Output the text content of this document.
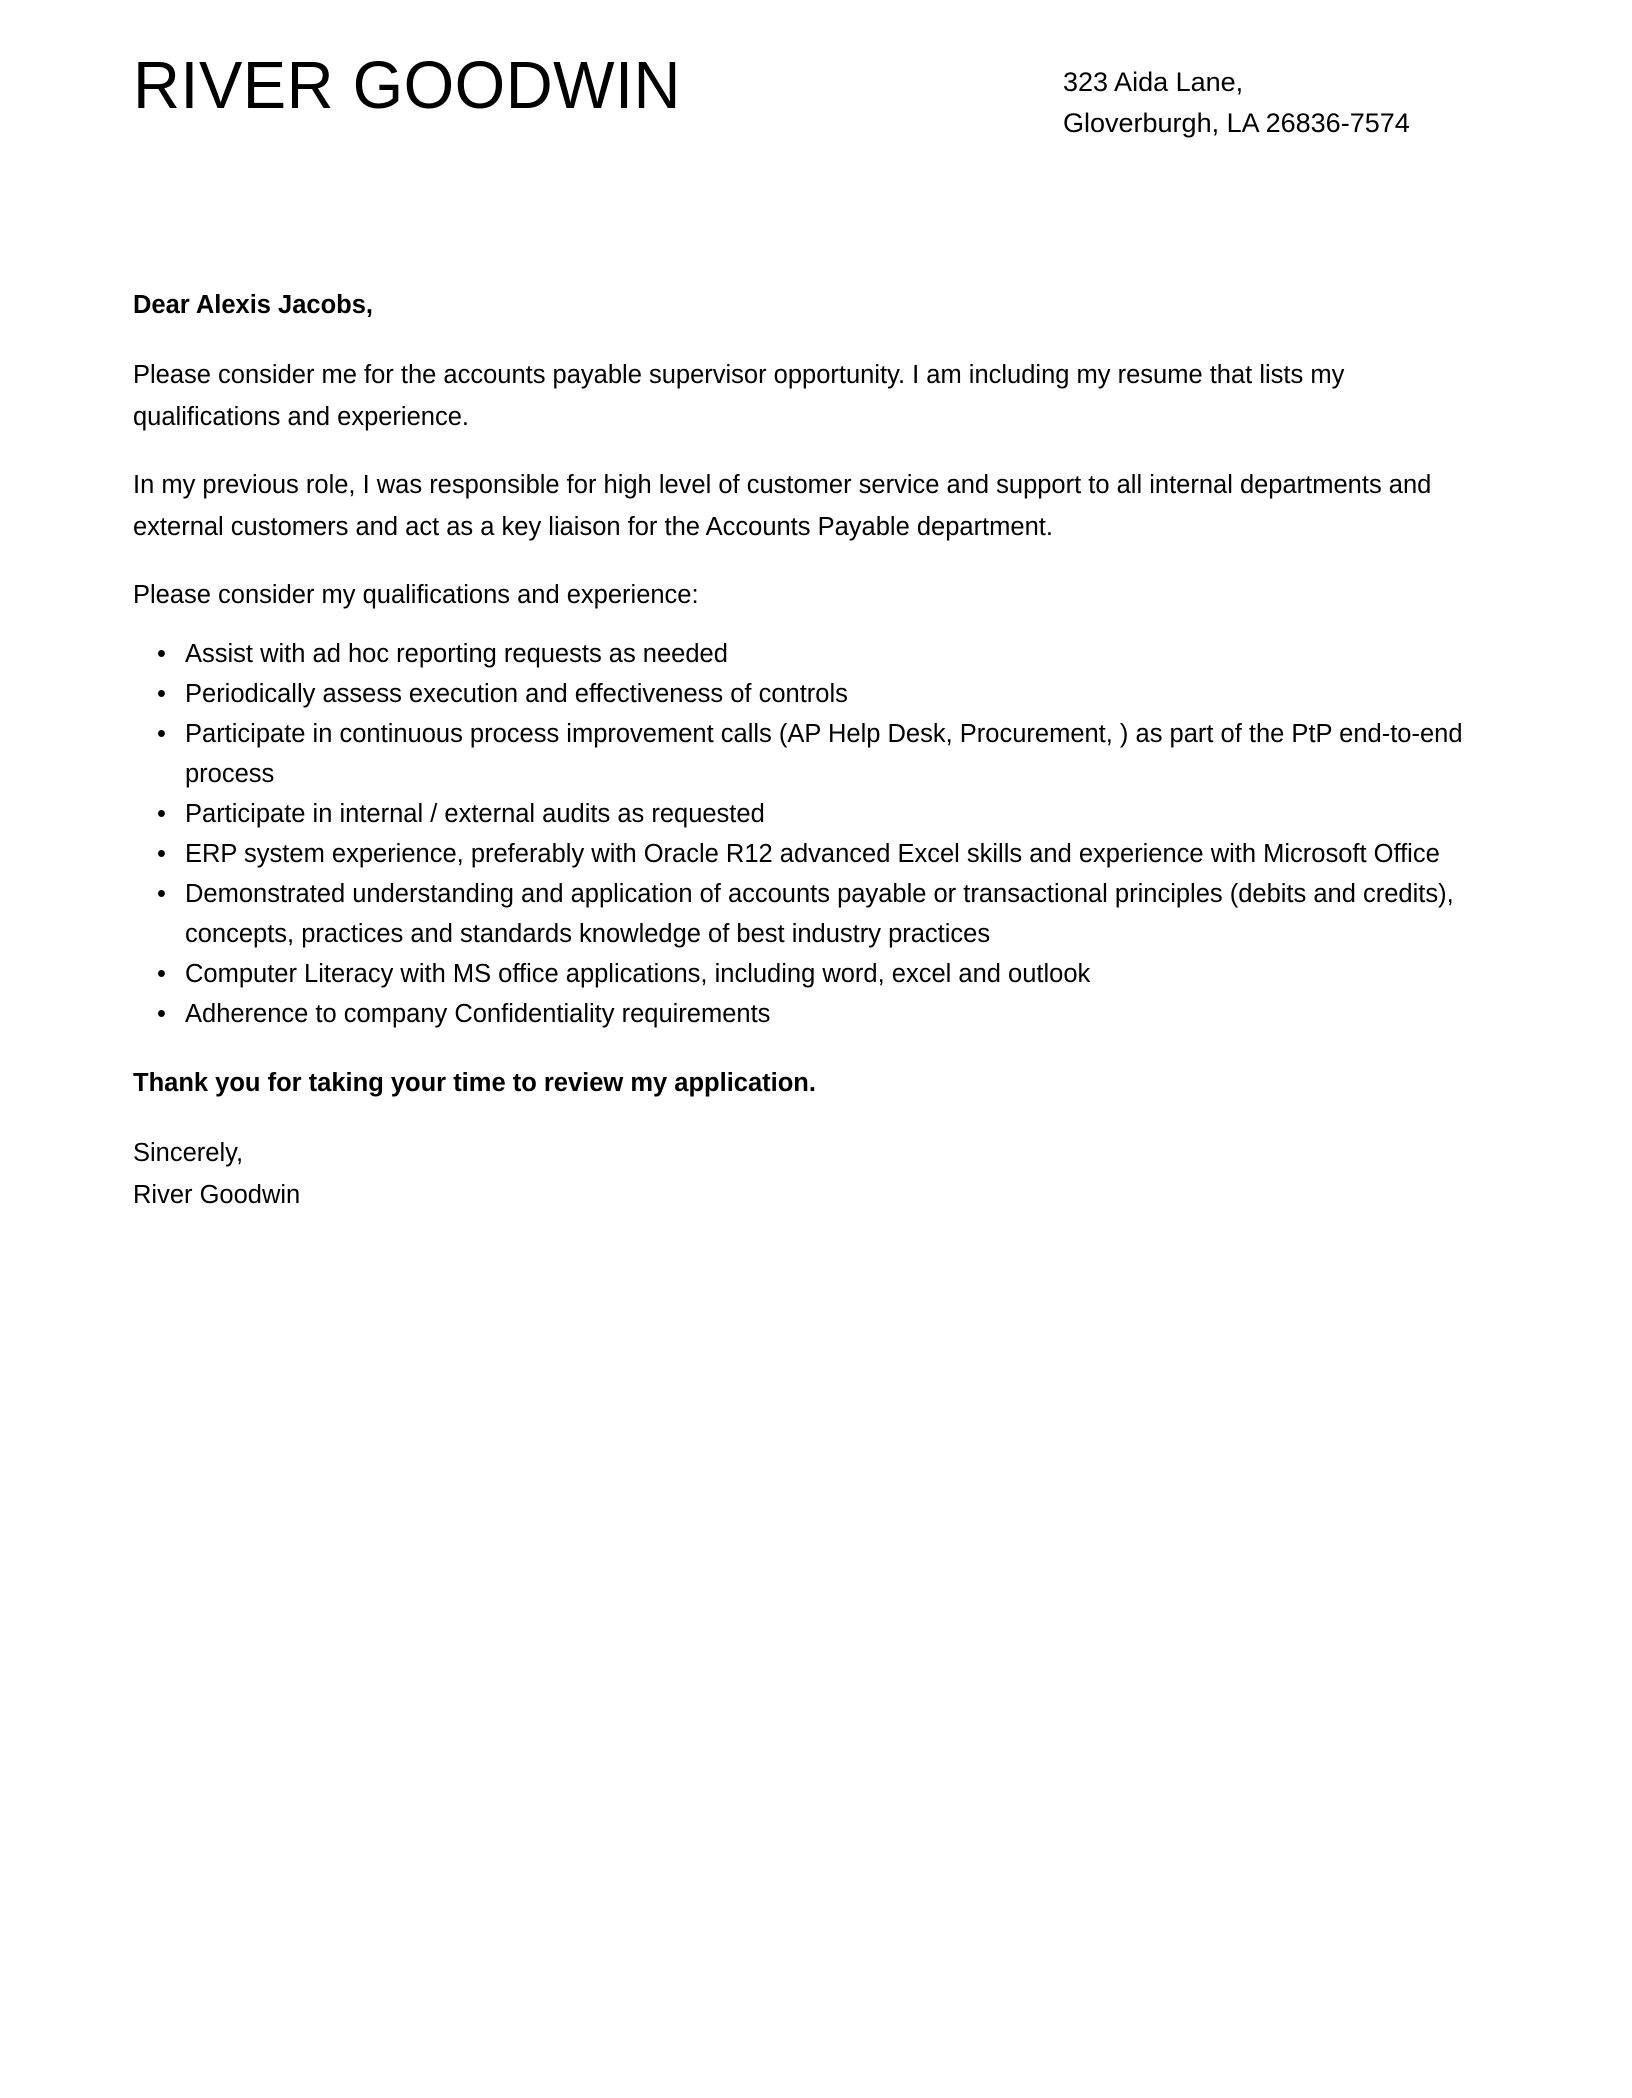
RIVER GOODWIN	323 Aida Lane,
Gloverburgh, LA 26836-7574

Dear Alexis Jacobs,

Please consider me for the accounts payable supervisor opportunity. I am including my resume that lists my qualifications and experience.

In my previous role, I was responsible for high level of customer service and support to all internal departments and external customers and act as a key liaison for the Accounts Payable department.

Please consider my qualifications and experience:

• Assist with ad hoc reporting requests as needed
• Periodically assess execution and effectiveness of controls
• Participate in continuous process improvement calls (AP Help Desk, Procurement, ) as part of the PtP end-to-end process
• Participate in internal / external audits as requested
• ERP system experience, preferably with Oracle R12 advanced Excel skills and experience with Microsoft Office
• Demonstrated understanding and application of accounts payable or transactional principles (debits and credits), concepts, practices and standards knowledge of best industry practices
• Computer Literacy with MS office applications, including word, excel and outlook
• Adherence to company Confidentiality requirements

Thank you for taking your time to review my application.

Sincerely,
River Goodwin
